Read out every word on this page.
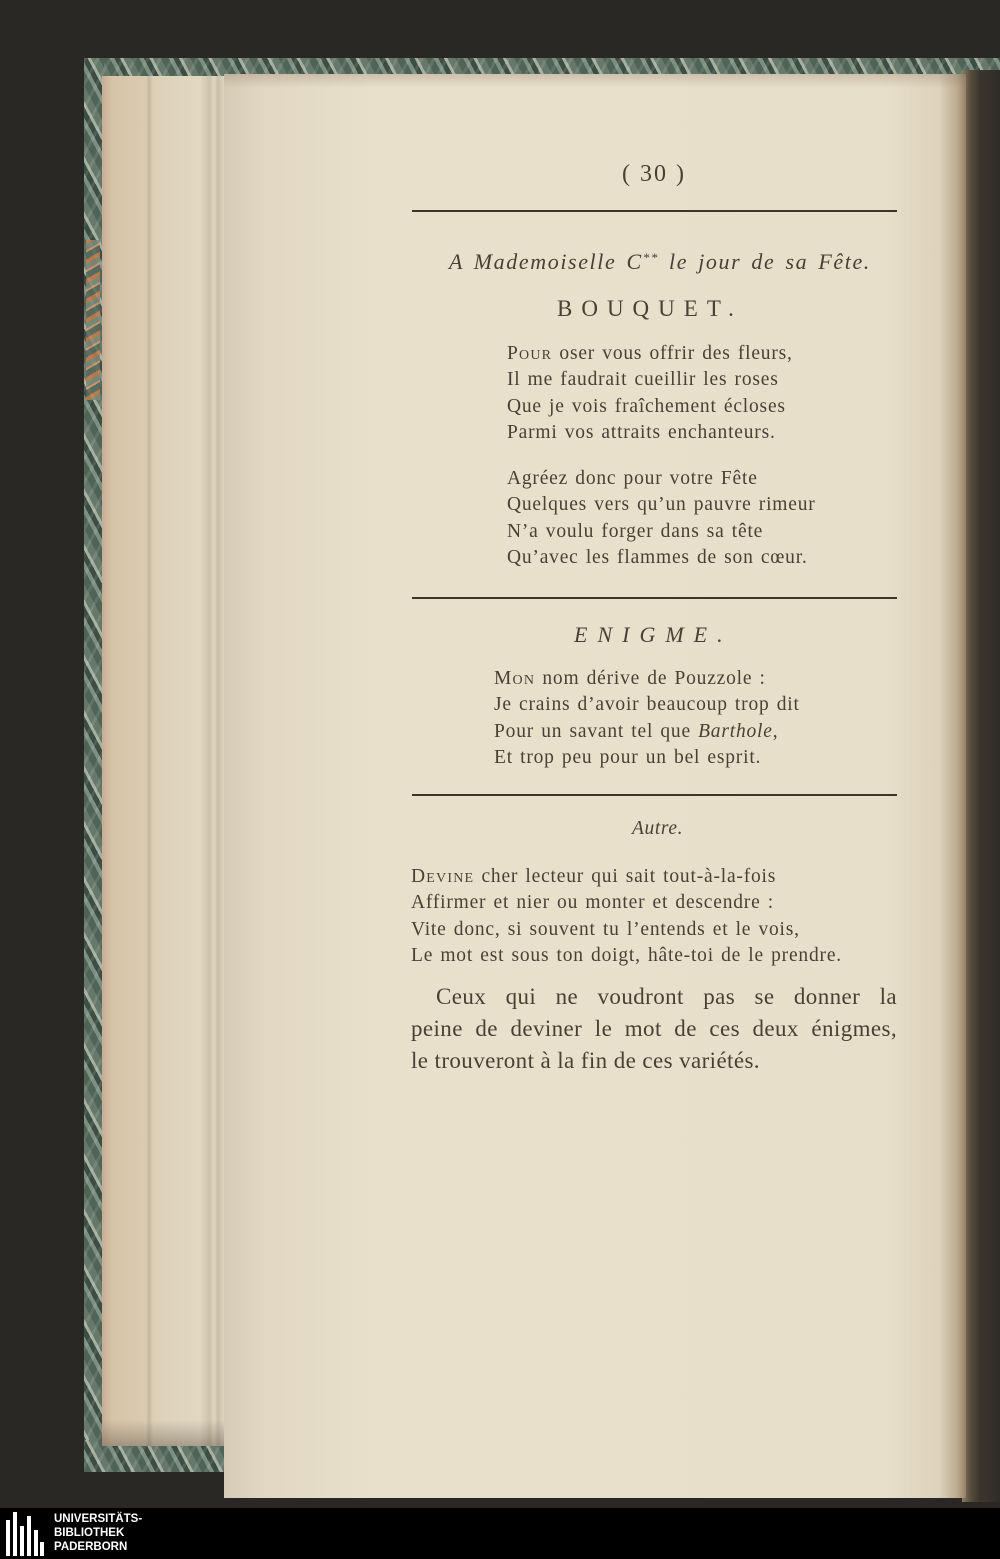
( 30 )
A Mademoiselle C** le jour de sa Fête.
BOUQUET.
Pour oser vous offrir des fleurs,
Il me faudrait cueillir les roses
Que je vois fraîchement écloses
Parmi vos attraits enchanteurs.
Agréez donc pour votre Fête
Quelques vers qu’un pauvre rimeur
N’a voulu forger dans sa tête
Qu’avec les flammes de son cœur.
ENIGME.
Mon nom dérive de Pouzzole :
Je crains d’avoir beaucoup trop dit
Pour un savant tel que Barthole,
Et trop peu pour un bel esprit.
Autre.
Devine cher lecteur qui sait tout-à-la-fois
Affirmer et nier ou monter et descendre :
Vite donc, si souvent tu l’entends et le vois,
Le mot est sous ton doigt, hâte-toi de le prendre.
Ceux qui ne voudront pas se donner la
peine de deviner le mot de ces deux énigmes,
le trouveront à la fin de ces variétés.
UNIVERSITÄTS-
BIBLIOTHEK
PADERBORN
